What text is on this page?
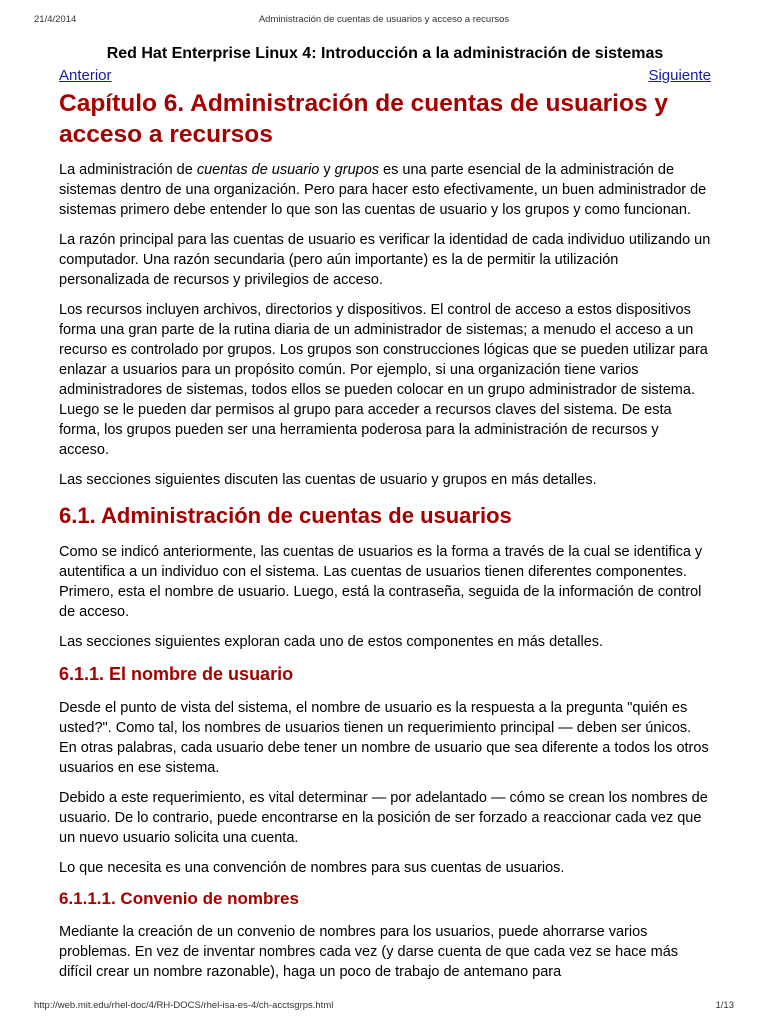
21/4/2014	Administración de cuentas de usuarios y acceso a recursos
Red Hat Enterprise Linux 4: Introducción a la administración de sistemas
Anterior	Siguiente
Capítulo 6. Administración de cuentas de usuarios y acceso a recursos

La administración de cuentas de usuario y grupos es una parte esencial de la administración de sistemas dentro de una organización. Pero para hacer esto efectivamente, un buen administrador de sistemas primero debe entender lo que son las cuentas de usuario y los grupos y como funcionan.

La razón principal para las cuentas de usuario es verificar la identidad de cada individuo utilizando un computador. Una razón secundaria (pero aún importante) es la de permitir la utilización personalizada de recursos y privilegios de acceso.

Los recursos incluyen archivos, directorios y dispositivos. El control de acceso a estos dispositivos forma una gran parte de la rutina diaria de un administrador de sistemas; a menudo el acceso a un recurso es controlado por grupos. Los grupos son construcciones lógicas que se pueden utilizar para enlazar a usuarios para un propósito común. Por ejemplo, si una organización tiene varios administradores de sistemas, todos ellos se pueden colocar en un grupo administrador de sistema. Luego se le pueden dar permisos al grupo para acceder a recursos claves del sistema. De esta forma, los grupos pueden ser una herramienta poderosa para la administración de recursos y acceso.

Las secciones siguientes discuten las cuentas de usuario y grupos en más detalles.

6.1. Administración de cuentas de usuarios

Como se indicó anteriormente, las cuentas de usuarios es la forma a través de la cual se identifica y autentifica a un individuo con el sistema. Las cuentas de usuarios tienen diferentes componentes. Primero, esta el nombre de usuario. Luego, está la contraseña, seguida de la información de control de acceso.

Las secciones siguientes exploran cada uno de estos componentes en más detalles.

6.1.1. El nombre de usuario

Desde el punto de vista del sistema, el nombre de usuario es la respuesta a la pregunta "quién es usted?". Como tal, los nombres de usuarios tienen un requerimiento principal — deben ser únicos. En otras palabras, cada usuario debe tener un nombre de usuario que sea diferente a todos los otros usuarios en ese sistema.

Debido a este requerimiento, es vital determinar — por adelantado — cómo se crean los nombres de usuario. De lo contrario, puede encontrarse en la posición de ser forzado a reaccionar cada vez que un nuevo usuario solicita una cuenta.

Lo que necesita es una convención de nombres para sus cuentas de usuarios.

6.1.1.1. Convenio de nombres

Mediante la creación de un convenio de nombres para los usuarios, puede ahorrarse varios problemas. En vez de inventar nombres cada vez (y darse cuenta de que cada vez se hace más difícil crear un nombre razonable), haga un poco de trabajo de antemano para

http://web.mit.edu/rhel-doc/4/RH-DOCS/rhel-isa-es-4/ch-acctsgrps.html	1/13
